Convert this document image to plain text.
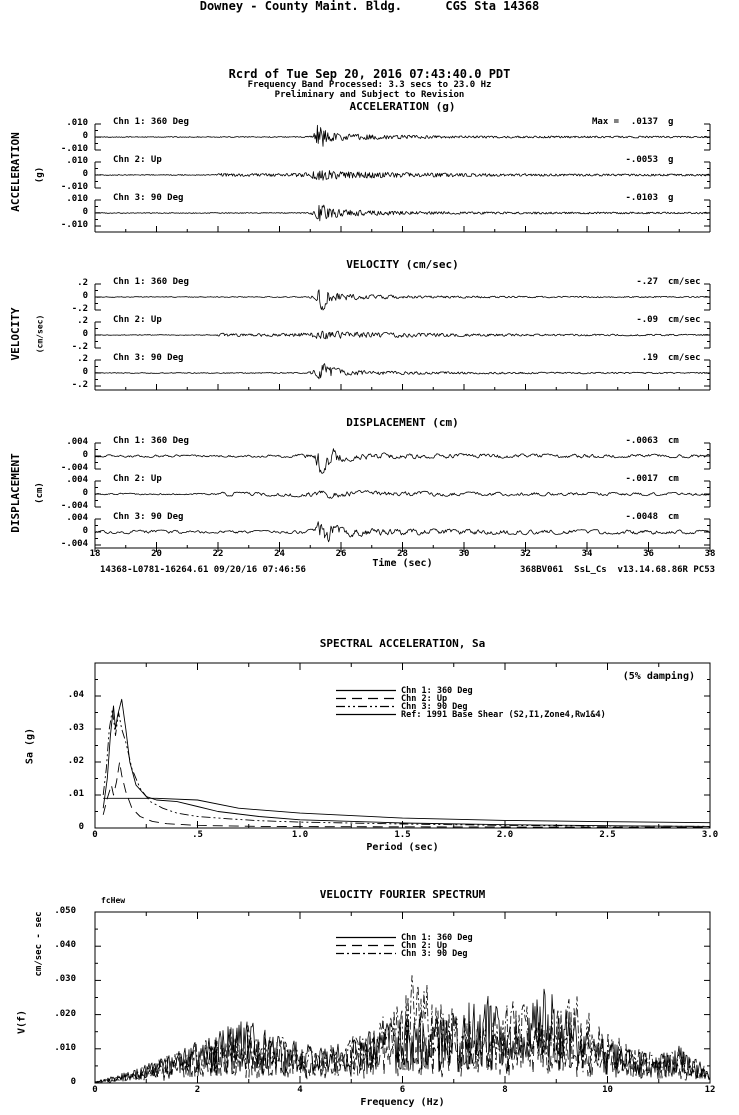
Downey - County Maint. Bldg.      CGS Sta 14368
Rcrd of Tue Sep 20, 2016 07:43:40.0 PDT
Frequency Band Processed: 3.3 secs to 23.0 Hz
Preliminary and Subject to Revision
ACCELERATION (g)
VELOCITY (cm/sec)
DISPLACEMENT (cm)
ACCELERATION (g)
VELOCITY (cm/sec)
DISPLACEMENT (cm)
Time (sec)
14368-L0781-16264.61 09/20/16 07:46:56	368BV061  SsL_Cs  v13.14.68.86R PC53
SPECTRAL ACCELERATION, Sa
(5% damping)
Sa (g)
Period (sec)
Chn 1: 360 Deg
Chn 2: Up
Chn 3: 90 Deg
Ref: 1991 Base Shear (S2,I1,Zone4,Rw1&4)
VELOCITY FOURIER SPECTRUM
fcHew
cm/sec - sec
V(f)
Frequency (Hz)
Chn 1: 360 Deg
Chn 2: Up
Chn 3: 90 Deg
.010
0
-.010
Chn 1: 360 Deg	Max =	.0137 g
.010
0
-.010
Chn 2: Up	-.0053 g
.010
0
-.010
Chn 3: 90 Deg	-.0103 g
.2
0
-.2
Chn 1: 360 Deg	-.27 cm/sec
.2
0
-.2
Chn 2: Up	-.09 cm/sec
.2
0
-.2
Chn 3: 90 Deg	.19 cm/sec
.004
0
-.004
Chn 1: 360 Deg	-.0063 cm
.004
0
-.004
Chn 2: Up	-.0017 cm
.004
0
-.004
Chn 3: 90 Deg	-.0048 cm
18	20	22	24	26	28	30	32	34	36	38
.04
.03
.02
.01
0
0	.5	1.0	1.5	2.0	2.5	3.0
.050
.040
.030
.020
.010
0
0	2	4	6	8	10	12
